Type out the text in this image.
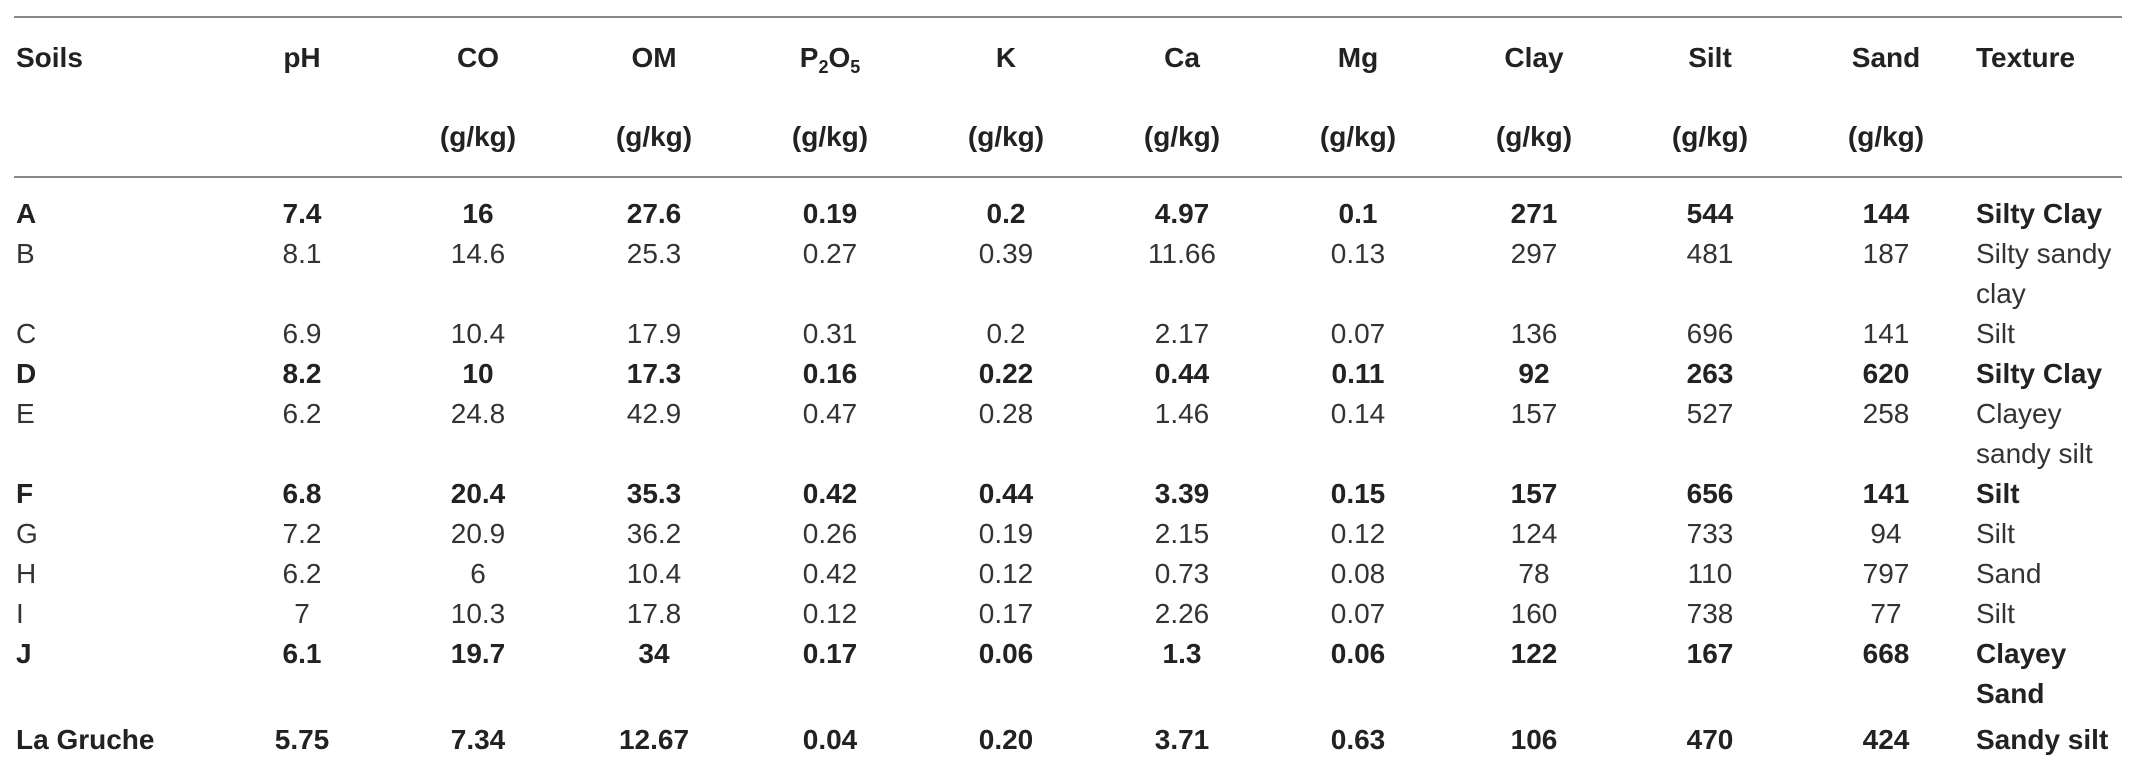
Soils	pH	CO	OM	$P_2O_5$	K	Ca	Mg	Clay	Silt	Sand	Texture
		(g/kg)	(g/kg)	(g/kg)	(g/kg)	(g/kg)	(g/kg)	(g/kg)	(g/kg)	(g/kg)	
A	7.4	16	27.6	0.19	0.2	4.97	0.1	271	544	144	Silty Clay
B	8.1	14.6	25.3	0.27	0.39	11.66	0.13	297	481	187	Silty sandy
clay
C	6.9	10.4	17.9	0.31	0.2	2.17	0.07	136	696	141	Silt
D	8.2	10	17.3	0.16	0.22	0.44	0.11	92	263	620	Silty Clay
E	6.2	24.8	42.9	0.47	0.28	1.46	0.14	157	527	258	Clayey
sandy silt
F	6.8	20.4	35.3	0.42	0.44	3.39	0.15	157	656	141	Silt
G	7.2	20.9	36.2	0.26	0.19	2.15	0.12	124	733	94	Silt
H	6.2	6	10.4	0.42	0.12	0.73	0.08	78	110	797	Sand
I	7	10.3	17.8	0.12	0.17	2.26	0.07	160	738	77	Silt
J	6.1	19.7	34	0.17	0.06	1.3	0.06	122	167	668	Clayey Sand
La Gruche	5.75	7.34	12.67	0.04	0.20	3.71	0.63	106	470	424	Sandy silt
